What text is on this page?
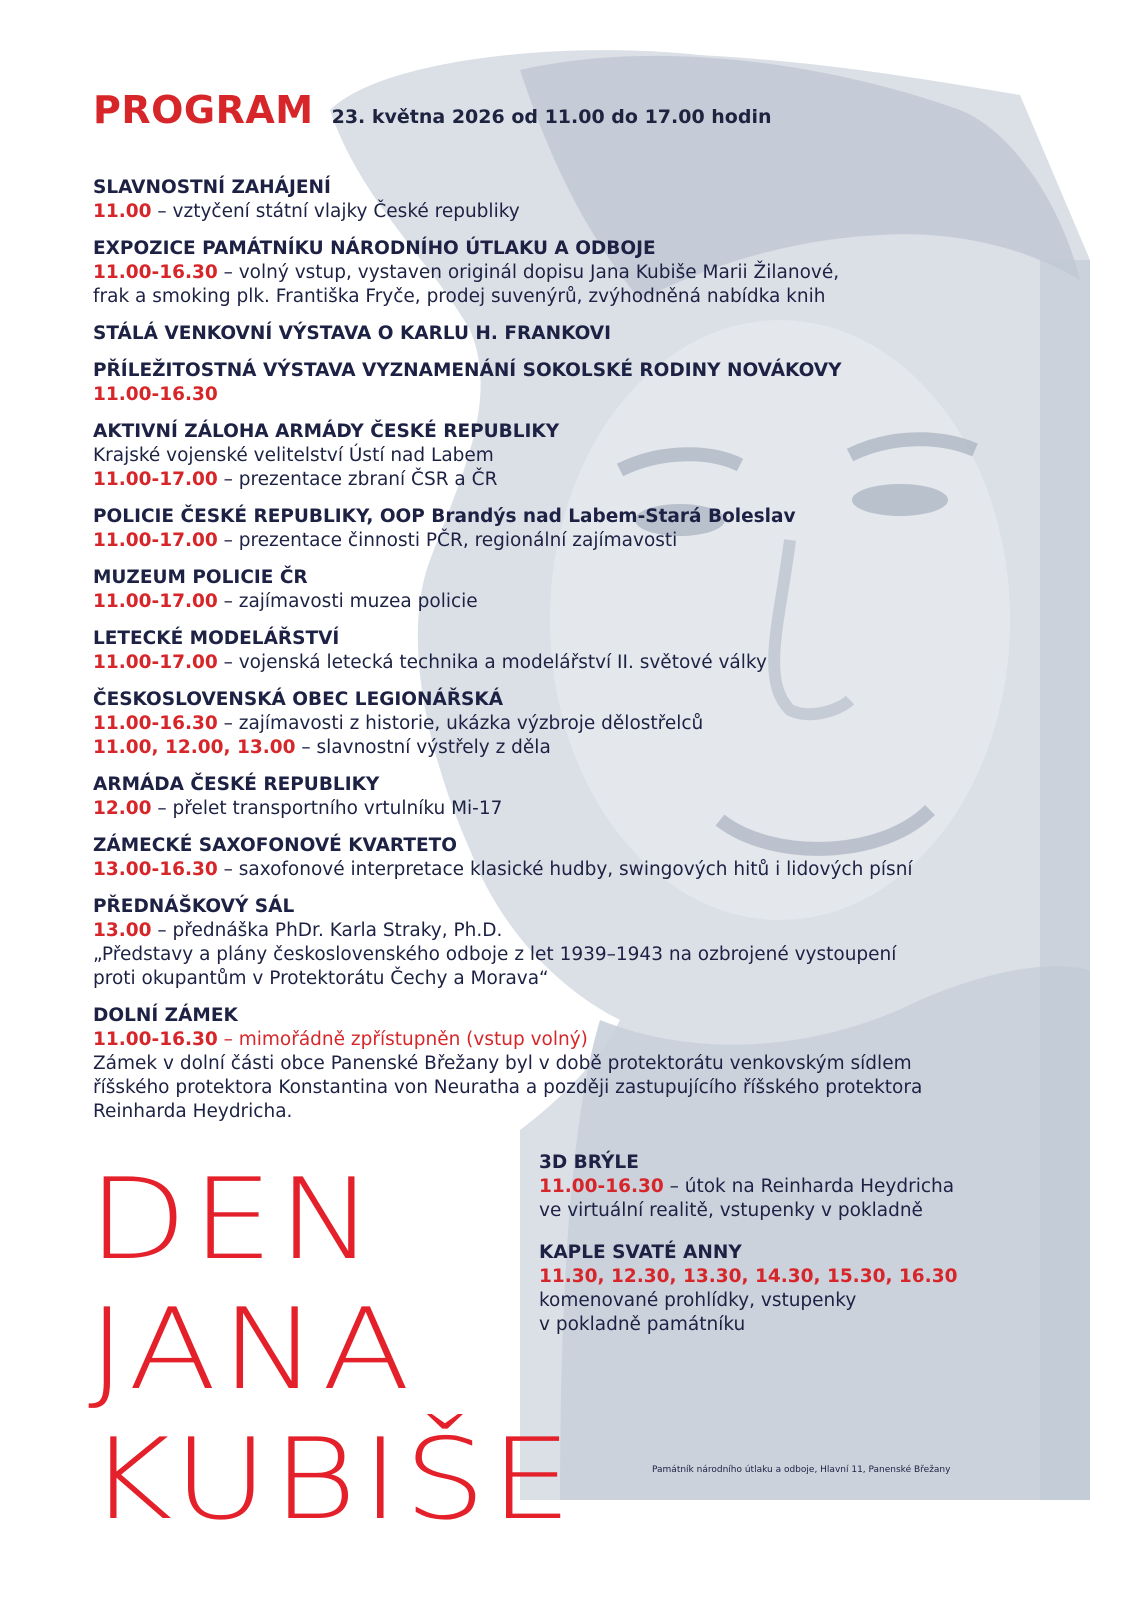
PROGRAM 23. května 2026 od 11.00 do 17.00 hodin
SLAVNOSTNÍ ZAHÁJENÍ
11.00 – vztyčení státní vlajky České republiky
EXPOZICE PAMÁTNÍKU NÁRODNÍHO ÚTLAKU A ODBOJE
11.00-16.30 – volný vstup, vystaven originál dopisu Jana Kubiše Marii Žilanové,
frak a smoking plk. Františka Fryče, prodej suvenýrů, zvýhodněná nabídka knih
STÁLÁ VENKOVNÍ VÝSTAVA O KARLU H. FRANKOVI
PŘÍLEŽITOSTNÁ VÝSTAVA VYZNAMENÁNÍ SOKOLSKÉ RODINY NOVÁKOVY
11.00-16.30
AKTIVNÍ ZÁLOHA ARMÁDY ČESKÉ REPUBLIKY
Krajské vojenské velitelství Ústí nad Labem
11.00-17.00 – prezentace zbraní ČSR a ČR
POLICIE ČESKÉ REPUBLIKY, OOP Brandýs nad Labem-Stará Boleslav
11.00-17.00 – prezentace činnosti PČR, regionální zajímavosti
MUZEUM POLICIE ČR
11.00-17.00 – zajímavosti muzea policie
LETECKÉ MODELÁŘSTVÍ
11.00-17.00 – vojenská letecká technika a modelářství II. světové války
ČESKOSLOVENSKÁ OBEC LEGIONÁŘSKÁ
11.00-16.30 – zajímavosti z historie, ukázka výzbroje dělostřelců
11.00, 12.00, 13.00 – slavnostní výstřely z děla
ARMÁDA ČESKÉ REPUBLIKY
12.00 – přelet transportního vrtulníku Mi-17
ZÁMECKÉ SAXOFONOVÉ KVARTETO
13.00-16.30 – saxofonové interpretace klasické hudby, swingových hitů i lidových písní
PŘEDNÁŠKOVÝ SÁL
13.00 – přednáška PhDr. Karla Straky, Ph.D.
„Představy a plány československého odboje z let 1939–1943 na ozbrojené vystoupení
proti okupantům v Protektorátu Čechy a Morava“
DOLNÍ ZÁMEK
11.00-16.30 – mimořádně zpřístupněn (vstup volný)
Zámek v dolní části obce Panenské Břežany byl v době protektorátu venkovským sídlem
říšského protektora Konstantina von Neuratha a později zastupujícího říšského protektora
Reinharda Heydricha.
DEN
JANA
KUBIŠE
3D BRÝLE
11.00-16.30 – útok na Reinharda Heydricha
ve virtuální realitě, vstupenky v pokladně
KAPLE SVATÉ ANNY
11.30, 12.30, 13.30, 14.30, 15.30, 16.30
komenované prohlídky, vstupenky
v pokladně památníku
Památník národního útlaku a odboje, Hlavní 11, Panenské Břežany
